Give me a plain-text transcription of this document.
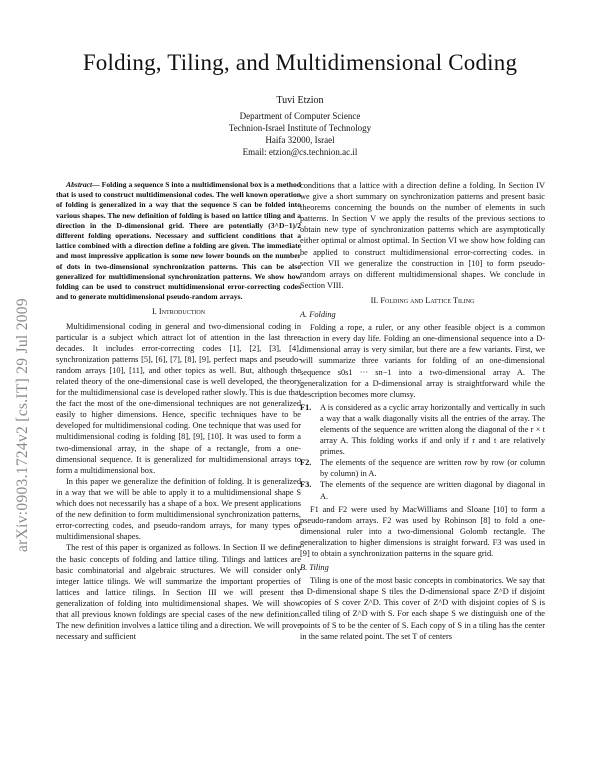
Folding, Tiling, and Multidimensional Coding
Tuvi Etzion
Department of Computer Science
Technion-Israel Institute of Technology
Haifa 32000, Israel
Email: etzion@cs.technion.ac.il
arXiv:0903.1724v2 [cs.IT] 29 Jul 2009

Abstract— Folding a sequence S into a multidimensional box is a method that is used to construct multidimensional codes. The well known operation of folding is generalized in a way that the sequence S can be folded into various shapes. The new definition of folding is based on lattice tiling and a direction in the D-dimensional grid. There are potentially (3^D−1)/2 different folding operations. Necessary and sufficient conditions that a lattice combined with a direction define a folding are given. The immediate and most impressive application is some new lower bounds on the number of dots in two-dimensional synchronization patterns. This can be also generalized for multidimensional synchronization patterns. We show how folding can be used to construct multidimensional error-correcting codes and to generate multidimensional pseudo-random arrays.

I. Introduction

Multidimensional coding in general and two-dimensional coding in particular is a subject which attract lot of attention in the last three decades. It includes error-correcting codes [1], [2], [3], [4], synchronization patterns [5], [6], [7], [8], [9], perfect maps and pseudo-random arrays [10], [11], and other topics as well. But, although the related theory of the one-dimensional case is well developed, the theory for the multidimensional case is developed rather slowly. This is due that the fact the most of the one-dimensional techniques are not generalized easily to higher dimensions. Hence, specific techniques have to be developed for multidimensional coding. One technique that was used for multidimensional coding is folding [8], [9], [10]. It was used to form a two-dimensional array, in the shape of a rectangle, from a one-dimensional sequence. It is generalized for multidimensional arrays to form a multidimensional box.

In this paper we generalize the definition of folding. It is generalized in a way that we will be able to apply it to a multidimensional shape S which does not necessarily has a shape of a box. We present applications of the new definition to form multidimensional synchronization patterns, error-correcting codes, and pseudo-random arrays, for many types of multidimensional shapes.

The rest of this paper is organized as follows. In Section II we define the basic concepts of folding and lattice tiling. Tilings and lattices are basic combinatorial and algebraic structures. We will consider only integer lattice tilings. We will summarize the important properties of lattices and lattice tilings. In Section III we will present the generalization of folding into multidimensional shapes. We will show that all previous known foldings are special cases of the new definition. The new definition involves a lattice tiling and a direction. We will prove necessary and sufficient

conditions that a lattice with a direction define a folding. In Section IV we give a short summary on synchronization patterns and present basic theorems concerning the bounds on the number of elements in such patterns. In Section V we apply the results of the previous sections to obtain new type of synchronization patterns which are asymptotically either optimal or almost optimal. In Section VI we show how folding can be applied to construct multidimensional error-correcting codes. in section VII we generalize the construction in [10] to form pseudo-random arrays on different multidimensional shapes. We conclude in Section VIII.

II. Folding and Lattice Tiling
A. Folding

Folding a rope, a ruler, or any other feasible object is a common action in every day life. Folding an one-dimensional sequence into a D-dimensional array is very similar, but there are a few variants. First, we will summarize three variants for folding of an one-dimensional sequence s0s1 ··· sn−1 into a two-dimensional array A. The generalization for a D-dimensional array is straightforward while the description becomes more clumsy.

F1.	A is considered as a cyclic array horizontally and vertically in such a way that a walk diagonally visits all the entries of the array. The elements of the sequence are written along the diagonal of the r × t array A. This folding works if and only if r and t are relatively primes.
F2.	The elements of the sequence are written row by row (or column by column) in A.
F3.	The elements of the sequence are written diagonal by diagonal in A.

F1 and F2 were used by MacWilliams and Sloane [10] to form a pseudo-random arrays. F2 was used by Robinson [8] to fold a one-dimensional ruler into a two-dimensional Golomb rectangle. The generalization to higher dimensions is straight forward. F3 was used in [9] to obtain a synchronization patterns in the square grid.

B. Tiling

Tiling is one of the most basic concepts in combinatorics. We say that a D-dimensional shape S tiles the D-dimensional space Z^D if disjoint copies of S cover Z^D. This cover of Z^D with disjoint copies of S is called tiling of Z^D with S. For each shape S we distinguish one of the points of S to be the center of S. Each copy of S in a tiling has the center in the same related point. The set T of centers
